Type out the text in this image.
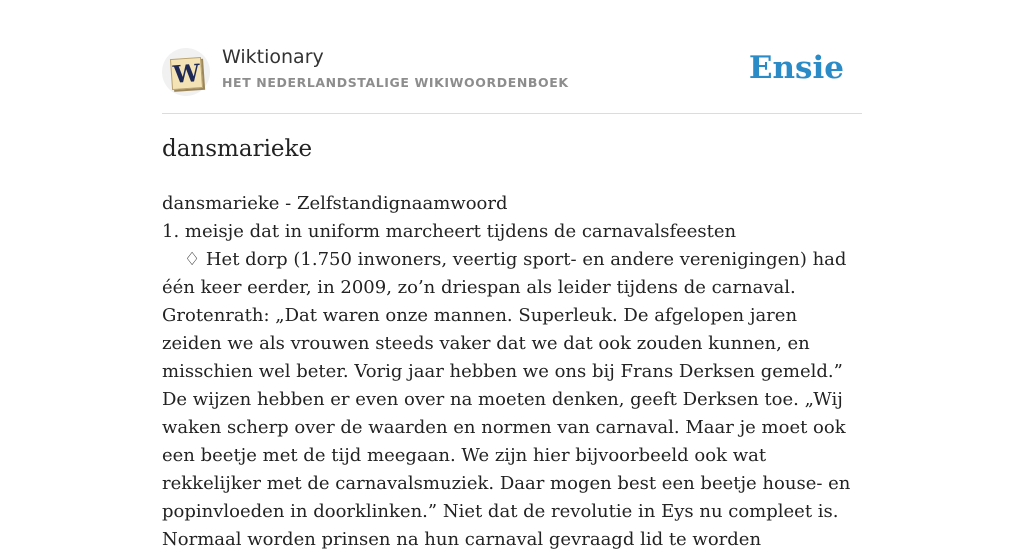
W
Wiktionary
HET NEDERLANDSTALIGE WIKIWOORDENBOEK	Ensie
dansmarieke

dansmarieke - Zelfstandignaamwoord

1. meisje dat in uniform marcheert tijdens de carnavalsfeesten

♢ Het dorp (1.750 inwoners, veertig sport- en andere verenigingen) had één keer eerder, in 2009, zo’n driespan als leider tijdens de carnaval. Grotenrath: „Dat waren onze mannen. Superleuk. De afgelopen jaren zeiden we als vrouwen steeds vaker dat we dat ook zouden kunnen, en misschien wel beter. Vorig jaar hebben we ons bij Frans Derksen gemeld.” De wijzen hebben er even over na moeten denken, geeft Derksen toe. „Wij waken scherp over de waarden en normen van carnaval. Maar je moet ook een beetje met de tijd meegaan. We zijn hier bijvoorbeeld ook wat rekkelijker met de carnavalsmuziek. Daar mogen best een beetje house- en popinvloeden in doorklinken.” Niet dat de revolutie in Eys nu compleet is. Normaal worden prinsen na hun carnaval gevraagd lid te worden
